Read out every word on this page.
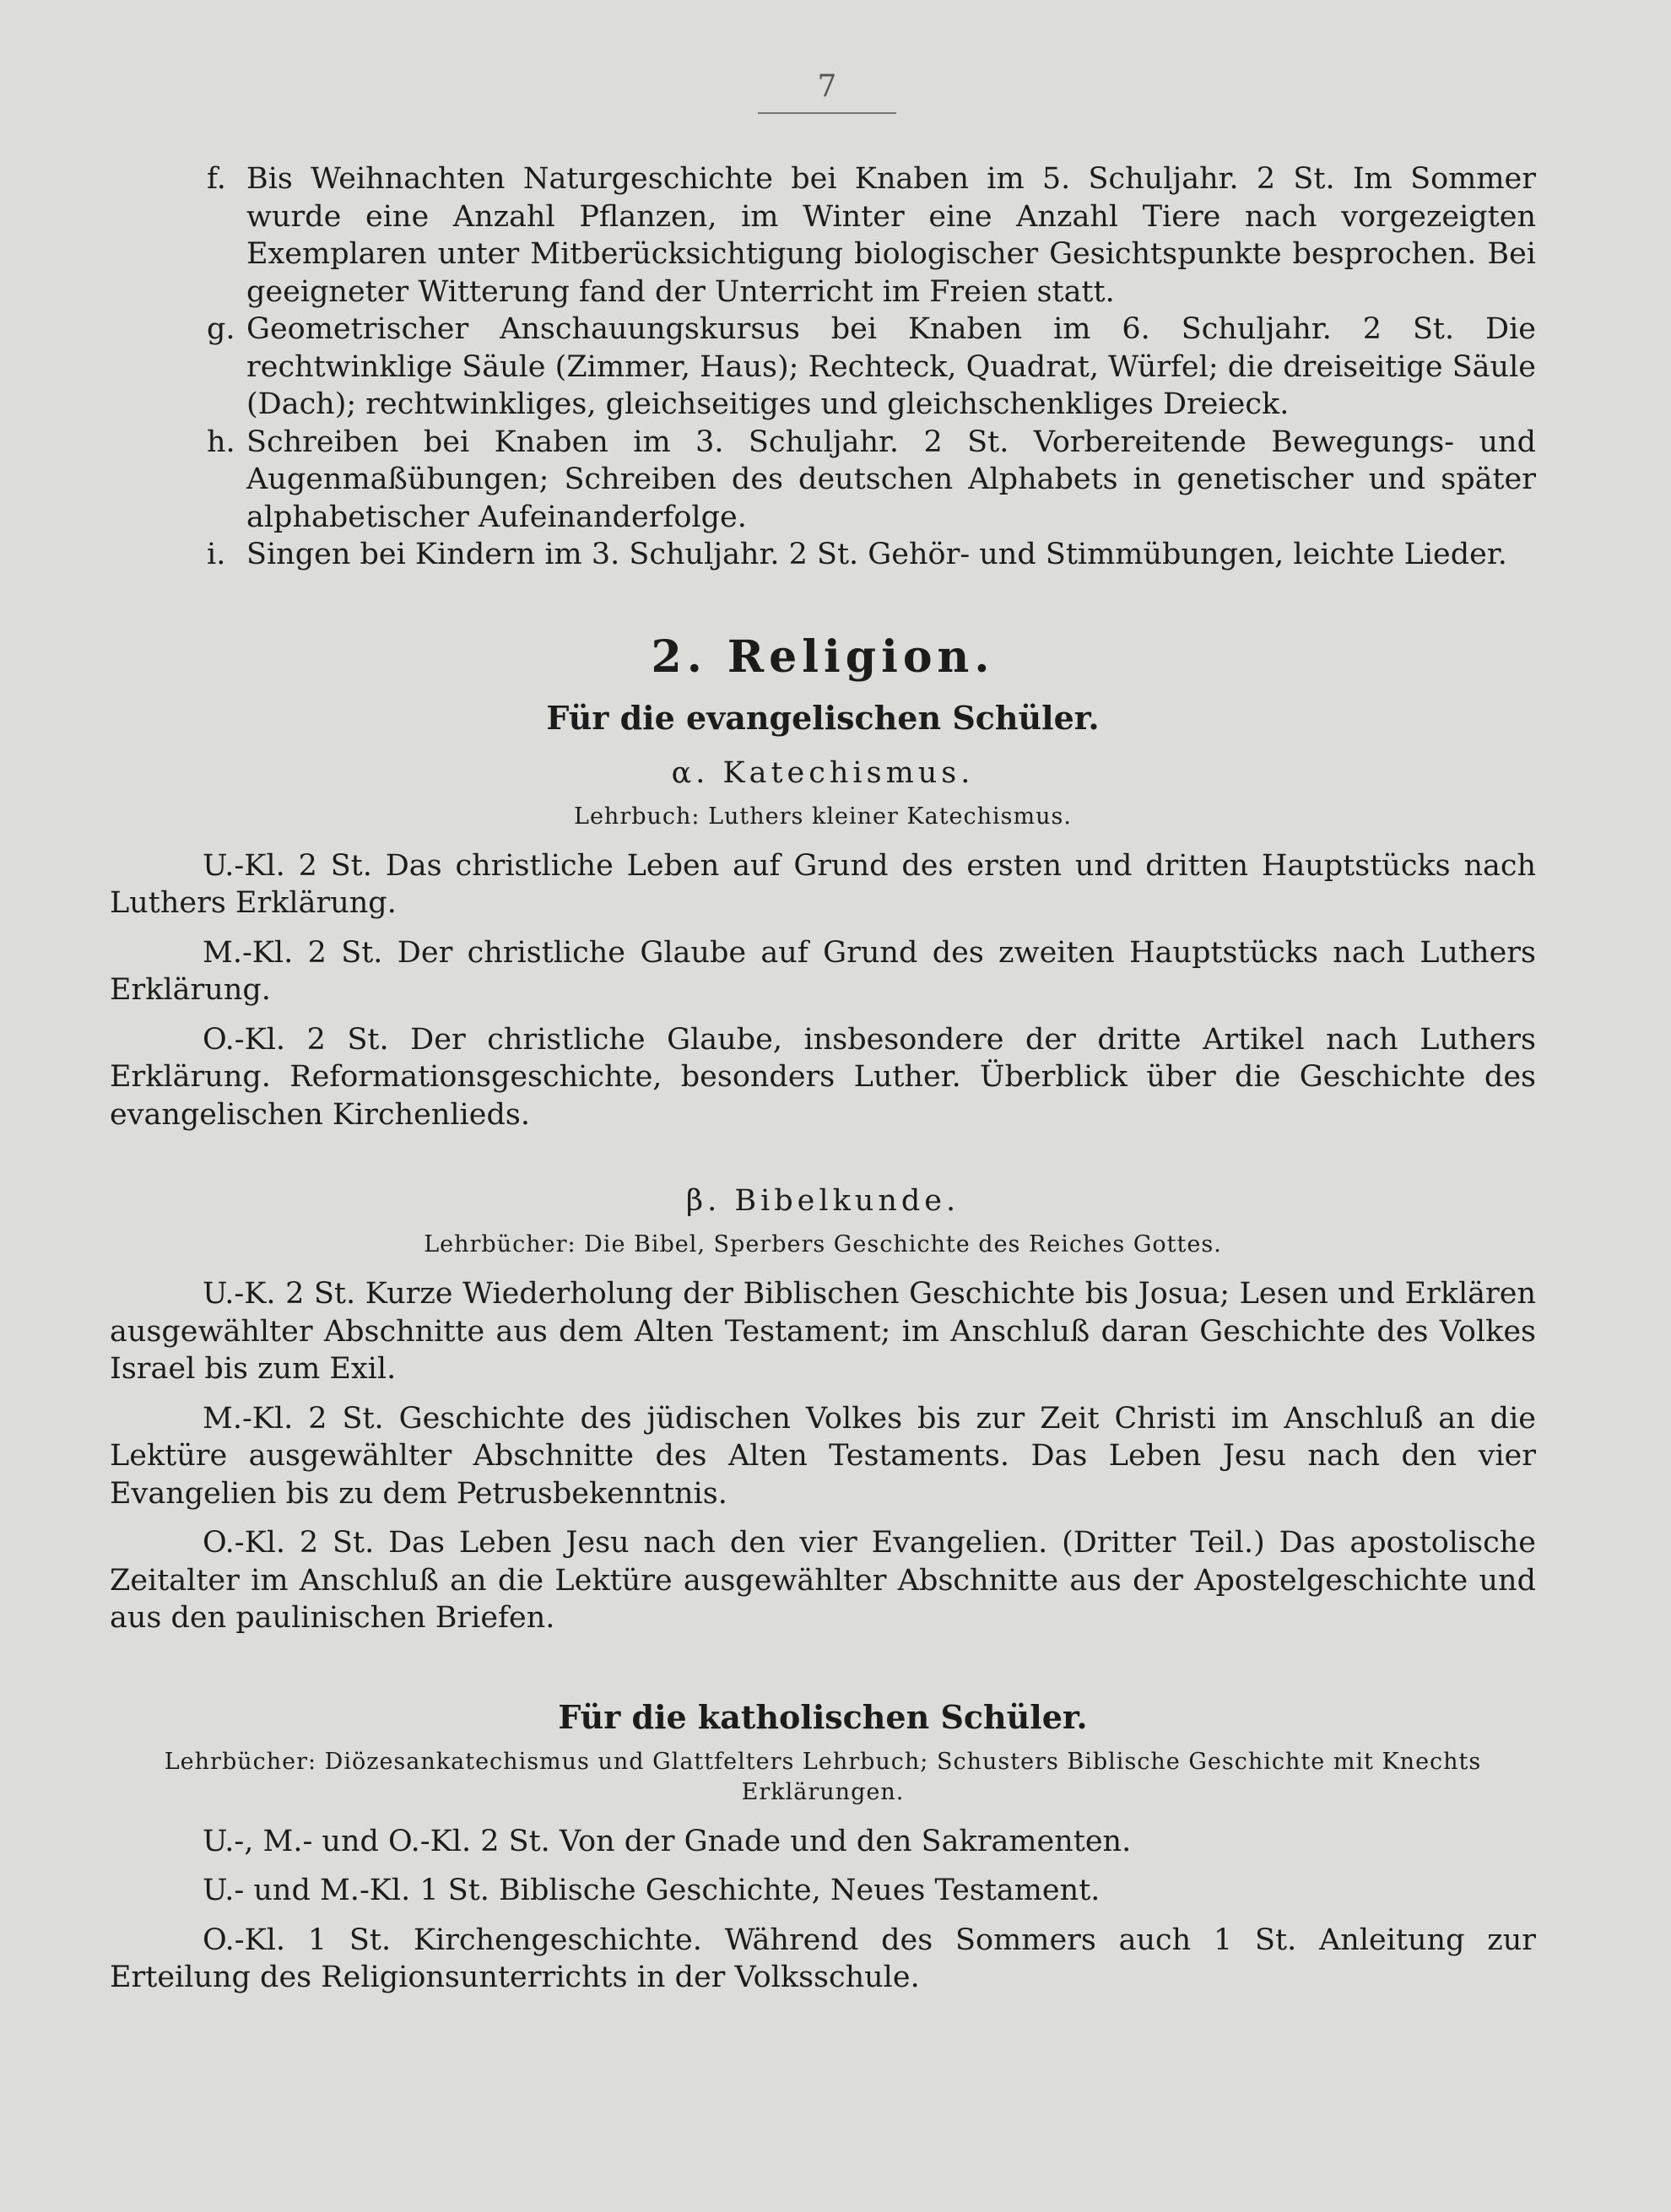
7

f. Bis Weihnachten Naturgeschichte bei Knaben im 5. Schuljahr. 2 St. Im Sommer wurde eine Anzahl Pflanzen, im Winter eine Anzahl Tiere nach vorgezeigten Exemplaren unter Mitberücksichtigung biologischer Gesichtspunkte besprochen. Bei geeigneter Witterung fand der Unterricht im Freien statt.

g. Geometrischer Anschauungskursus bei Knaben im 6. Schuljahr. 2 St. Die rechtwinklige Säule (Zimmer, Haus); Rechteck, Quadrat, Würfel; die dreiseitige Säule (Dach); rechtwinkliges, gleichseitiges und gleichschenkliges Dreieck.

h. Schreiben bei Knaben im 3. Schuljahr. 2 St. Vorbereitende Bewegungs- und Augenmaßübungen; Schreiben des deutschen Alphabets in genetischer und später alphabetischer Aufeinanderfolge.

i. Singen bei Kindern im 3. Schuljahr. 2 St. Gehör- und Stimmübungen, leichte Lieder.

2. Religion.
Für die evangelischen Schüler.
α. Katechismus.
Lehrbuch: Luthers kleiner Katechismus.

U.-Kl. 2 St. Das christliche Leben auf Grund des ersten und dritten Hauptstücks nach Luthers Erklärung.

M.-Kl. 2 St. Der christliche Glaube auf Grund des zweiten Hauptstücks nach Luthers Erklärung.

O.-Kl. 2 St. Der christliche Glaube, insbesondere der dritte Artikel nach Luthers Erklärung. Reformationsgeschichte, besonders Luther. Überblick über die Geschichte des evangelischen Kirchenlieds.

β. Bibelkunde.
Lehrbücher: Die Bibel, Sperbers Geschichte des Reiches Gottes.

U.-K. 2 St. Kurze Wiederholung der Biblischen Geschichte bis Josua; Lesen und Erklären ausgewählter Abschnitte aus dem Alten Testament; im Anschluß daran Geschichte des Volkes Israel bis zum Exil.

M.-Kl. 2 St. Geschichte des jüdischen Volkes bis zur Zeit Christi im Anschluß an die Lektüre ausgewählter Abschnitte des Alten Testaments. Das Leben Jesu nach den vier Evangelien bis zu dem Petrusbekenntnis.

O.-Kl. 2 St. Das Leben Jesu nach den vier Evangelien. (Dritter Teil.) Das apostolische Zeitalter im Anschluß an die Lektüre ausgewählter Abschnitte aus der Apostelgeschichte und aus den paulinischen Briefen.

Für die katholischen Schüler.
Lehrbücher: Diözesankatechismus und Glattfelters Lehrbuch; Schusters Biblische Geschichte mit Knechts Erklärungen.

U.-, M.- und O.-Kl. 2 St. Von der Gnade und den Sakramenten.

U.- und M.-Kl. 1 St. Biblische Geschichte, Neues Testament.

O.-Kl. 1 St. Kirchengeschichte. Während des Sommers auch 1 St. Anleitung zur Erteilung des Religionsunterrichts in der Volksschule.
